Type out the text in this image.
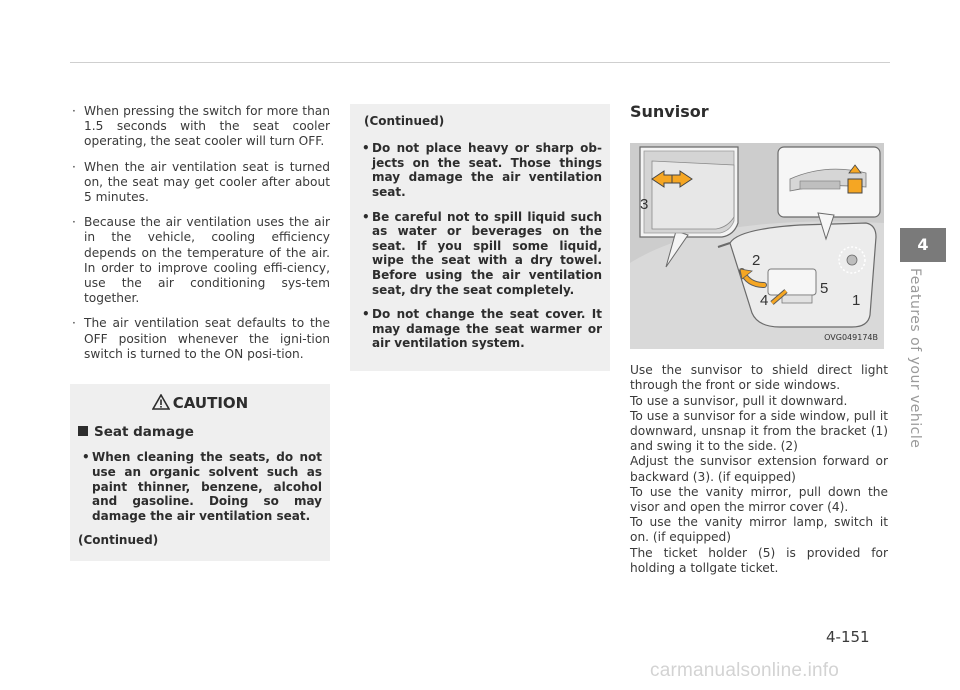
· When pressing the switch for more than 1.5 seconds with the seat cooler operating, the seat cooler will turn OFF.
· When the air ventilation seat is turned on, the seat may get cooler after about 5 minutes.
· Because the air ventilation uses the air in the vehicle, cooling efficiency depends on the temperature of the air. In order to improve cooling effi-ciency, use the air conditioning sys-tem together.
· The air ventilation seat defaults to the OFF position whenever the igni-tion switch is turned to the ON posi-tion.
CAUTION
Seat damage
• When cleaning the seats, do not use an organic solvent such as paint thinner, benzene, alcohol and gasoline. Doing so may damage the air ventilation seat.
(Continued)
(Continued)
• Do not place heavy or sharp ob-jects on the seat. Those things may damage the air ventilation seat.
• Be careful not to spill liquid such as water or beverages on the seat. If you spill some liquid, wipe the seat with a dry towel. Before using the air ventilation seat, dry the seat completely.
• Do not change the seat cover. It may damage the seat warmer or air ventilation system.
Sunvisor
3
2
4
5
1
OVG049174B
Use the sunvisor to shield direct light through the front or side windows.
To use a sunvisor, pull it downward.
To use a sunvisor for a side window, pull it downward, unsnap it from the bracket (1) and swing it to the side. (2)
Adjust the sunvisor extension forward or backward (3). (if equipped)
To use the vanity mirror, pull down the visor and open the mirror cover (4).
To use the vanity mirror lamp, switch it on. (if equipped)
The ticket holder (5) is provided for holding a tollgate ticket.
4
Features of your vehicle
4-151
carmanualsonline.info
